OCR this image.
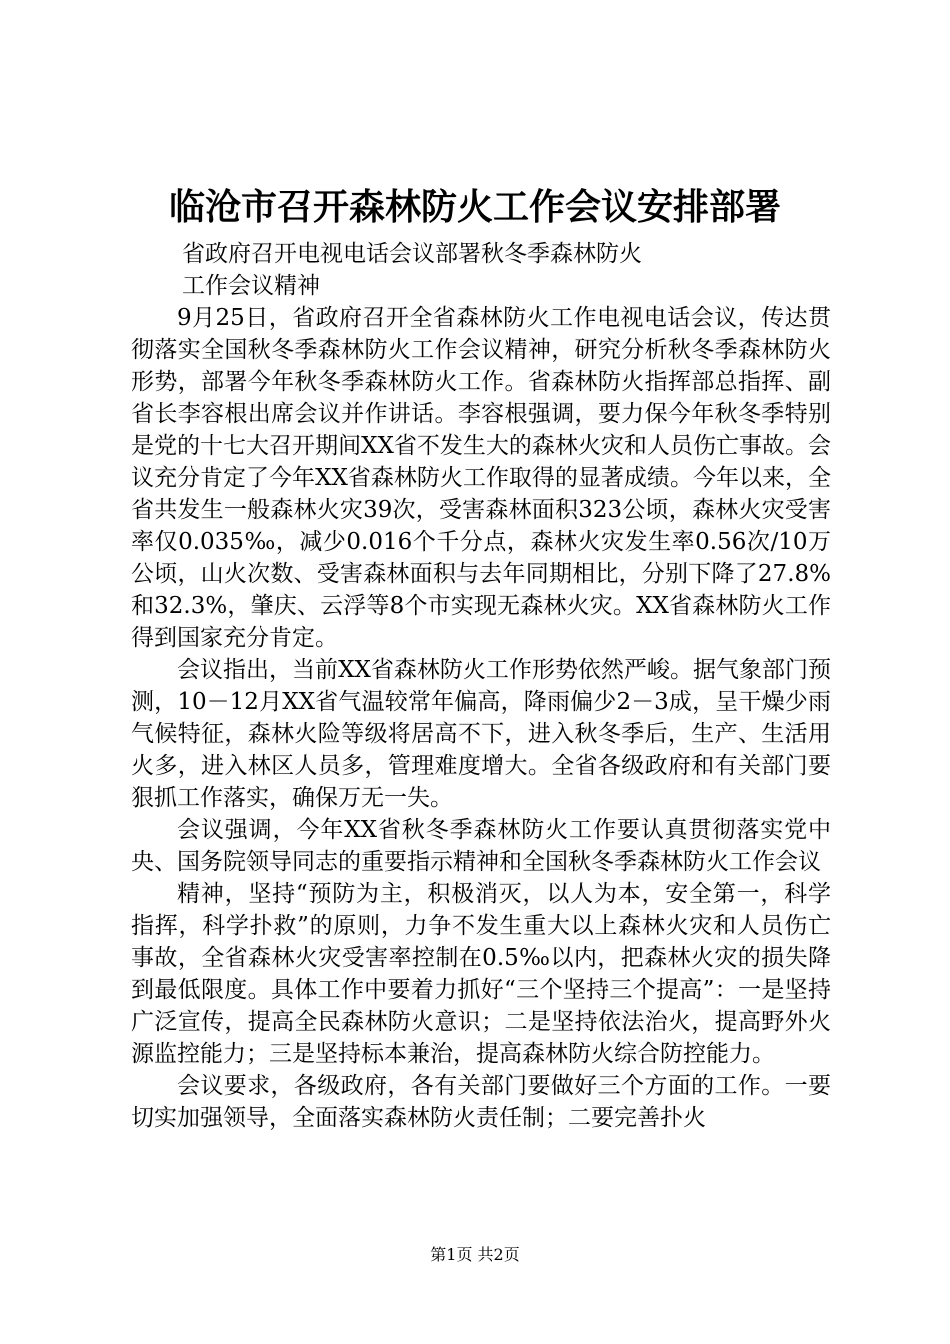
临沧市召开森林防火工作会议安排部署
省政府召开电视电话会议部署秋冬季森林防火
工作会议精神

9月25日，省政府召开全省森林防火工作电视电话会议，传达贯彻落实全国秋冬季森林防火工作会议精神，研究分析秋冬季森林防火形势，部署今年秋冬季森林防火工作。省森林防火指挥部总指挥、副省长李容根出席会议并作讲话。李容根强调，要力保今年秋冬季特别是党的十七大召开期间XX省不发生大的森林火灾和人员伤亡事故。会议充分肯定了今年XX省森林防火工作取得的显著成绩。今年以来，全省共发生一般森林火灾39次，受害森林面积323公顷，森林火灾受害率仅0.035‰，减少0.016个千分点，森林火灾发生率0.56次/10万公顷，山火次数、受害森林面积与去年同期相比，分别下降了27.8%和32.3%，肇庆、云浮等8个市实现无森林火灾。XX省森林防火工作得到国家充分肯定。

会议指出，当前XX省森林防火工作形势依然严峻。据气象部门预测，10－12月XX省气温较常年偏高，降雨偏少2－3成，呈干燥少雨气候特征，森林火险等级将居高不下，进入秋冬季后，生产、生活用火多，进入林区人员多，管理难度增大。全省各级政府和有关部门要狠抓工作落实，确保万无一失。

会议强调，今年XX省秋冬季森林防火工作要认真贯彻落实党中央、国务院领导同志的重要指示精神和全国秋冬季森林防火工作会议

精神，坚持“预防为主，积极消灭，以人为本，安全第一，科学指挥，科学扑救”的原则，力争不发生重大以上森林火灾和人员伤亡事故，全省森林火灾受害率控制在0.5‰以内，把森林火灾的损失降到最低限度。具体工作中要着力抓好“三个坚持三个提高”：一是坚持广泛宣传，提高全民森林防火意识；二是坚持依法治火，提高野外火源监控能力；三是坚持标本兼治，提高森林防火综合防控能力。

会议要求，各级政府，各有关部门要做好三个方面的工作。一要切实加强领导，全面落实森林防火责任制；二要完善扑火

第1页 共2页
